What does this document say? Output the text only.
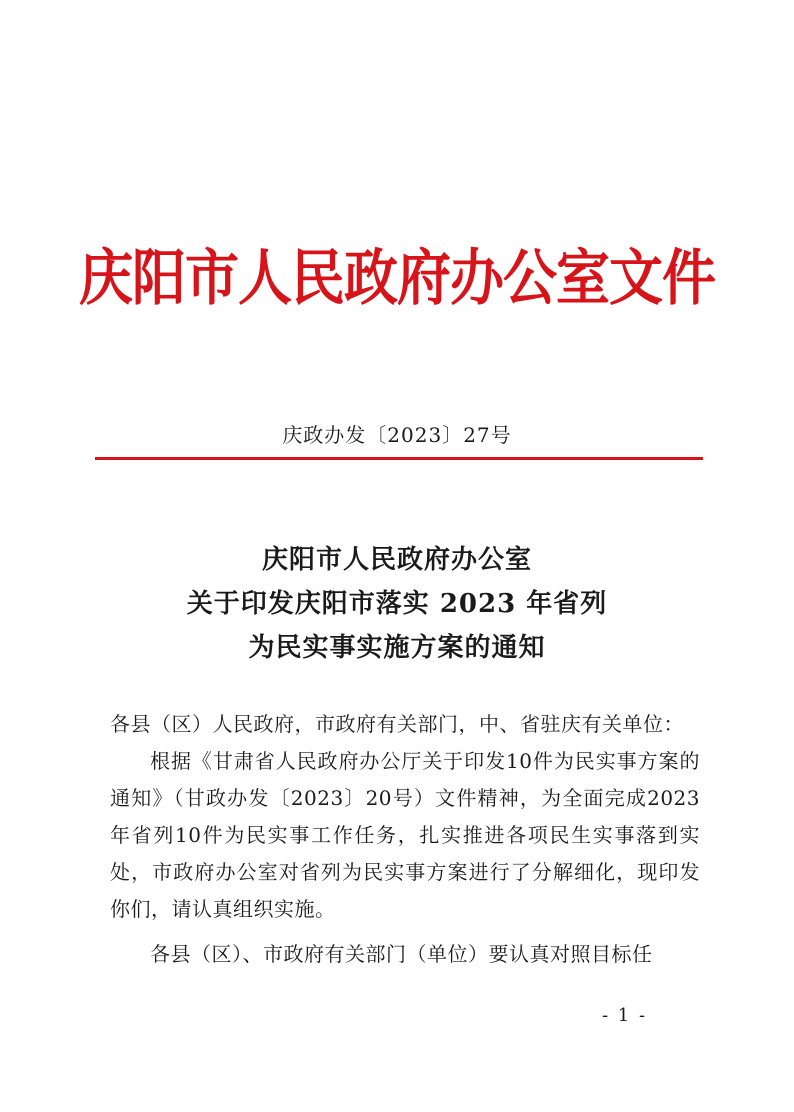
庆阳市人民政府办公室文件
庆政办发〔2023〕27号
庆阳市人民政府办公室
关于印发庆阳市落实 2023 年省列
为民实事实施方案的通知

各县（区）人民政府，市政府有关部门，中、省驻庆有关单位：

根据《甘肃省人民政府办公厅关于印发10件为民实事方案的通知》（甘政办发〔2023〕20号）文件精神，为全面完成2023年省列10件为民实事工作任务，扎实推进各项民生实事落到实处，市政府办公室对省列为民实事方案进行了分解细化，现印发你们，请认真组织实施。

各县（区）、市政府有关部门（单位）要认真对照目标任

- 1 -
